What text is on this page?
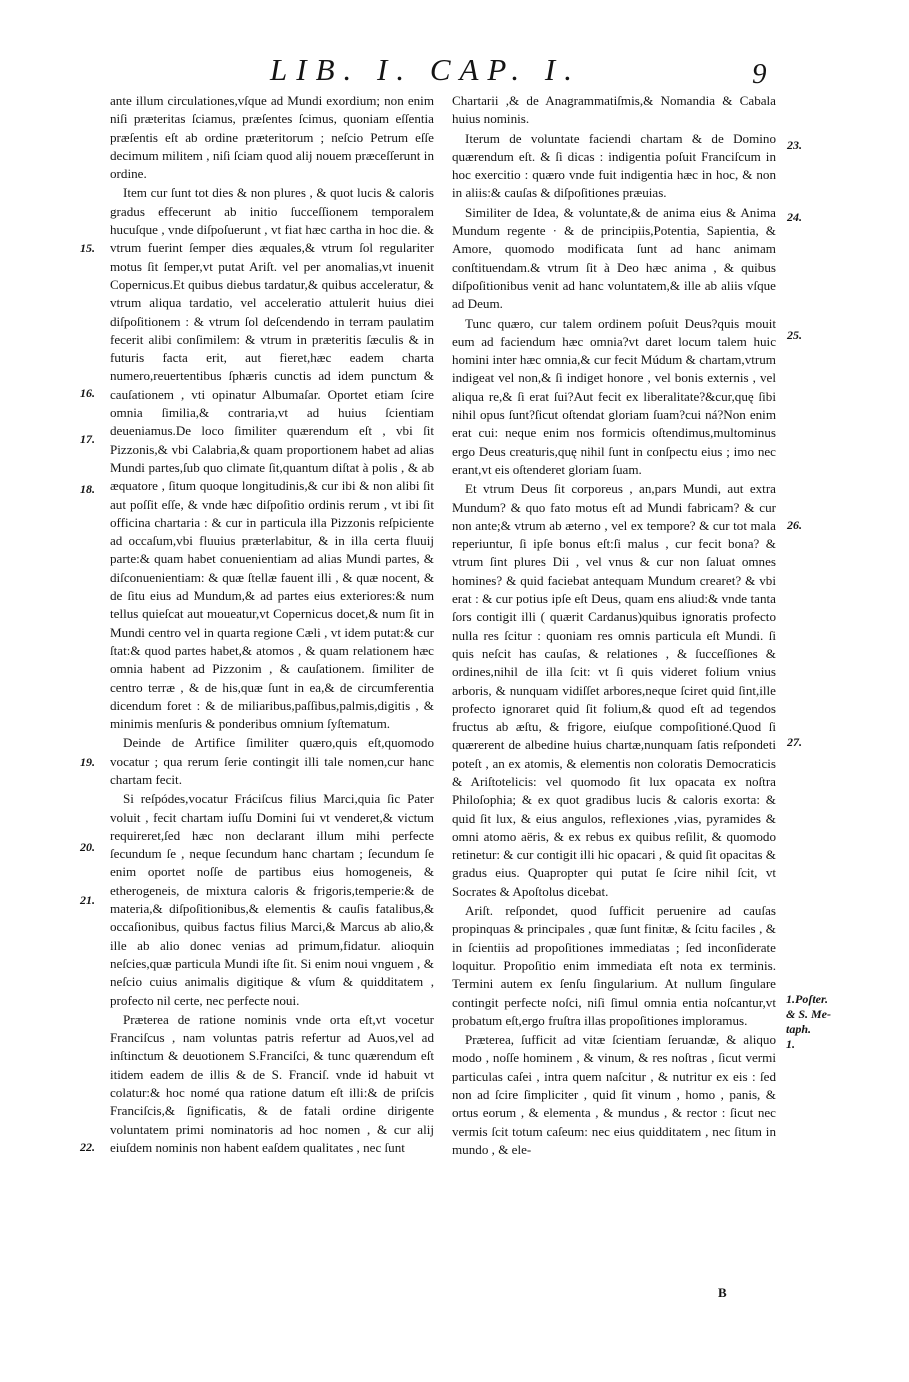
LIB. I. CAP. I.	9

ante illum circulationes,vſque ad Mundi exordium; non enim niſi præteritas ſciamus, præſentes ſcimus, quoniam eſſentia præſentis eſt ab ordine præteritorum ; neſcio Petrum eſſe decimum militem , niſi ſciam quod alij nouem præceſſerunt in ordine.

Item cur ſunt tot dies & non plures , & quot lucis & caloris gradus effecerunt ab initio ſucceſſionem temporalem hucuſque , vnde diſpoſuerunt , vt fiat hæc cartha in hoc die. & vtrum fuerint ſemper dies æquales,& vtrum ſol regulariter motus ſit ſemper,vt putat Ariſt. vel per anomalias,vt inuenit Copernicus.Et quibus diebus tardatur,& quibus acceleratur, & vtrum aliqua tardatio, vel acceleratio attulerit huius diei diſpoſitionem : & vtrum ſol deſcendendo in terram paulatim fecerit alibi conſimilem: & vtrum in præteritis ſæculis & in futuris facta erit, aut fieret,hæc eadem charta numero,reuertentibus ſphæris cunctis ad idem punctum & cauſationem , vti opinatur Albumaſar. Oportet etiam ſcire omnia ſimilia,& contraria,vt ad huius ſcientiam deueniamus.De loco ſimiliter quærendum eſt , vbi ſit Pizzonis,& vbi Calabria,& quam proportionem habet ad alias Mundi partes,ſub quo climate ſit,quantum diſtat à polis , & ab æquatore , ſitum quoque longitudinis,& cur ibi & non alibi ſit aut poſſit eſſe, & vnde hæc diſpoſitio ordinis rerum , vt ibi ſit officina chartaria : & cur in particula illa Pizzonis reſpiciente ad occaſum,vbi fluuius præterlabitur, & in illa certa fluuij parte:& quam habet conuenientiam ad alias Mundi partes, & diſconuenientiam: & quæ ſtellæ fauent illi , & quæ nocent, & de ſitu eius ad Mundum,& ad partes eius exteriores:& num tellus quieſcat aut moueatur,vt Copernicus docet,& num ſit in Mundi centro vel in quarta regione Cæli , vt idem putat:& cur ſtat:& quod partes habet,& atomos , & quam relationem hæc omnia habent ad Pizzonim , & cauſationem. ſimiliter de centro terræ , & de his,quæ ſunt in ea,& de circumferentia dicendum foret : & de miliaribus,paſſibus,palmis,digitis , & minimis menſuris & ponderibus omnium ſyſtematum.

Deinde de Artifice ſimiliter quæro,quis eſt,quomodo vocatur ; qua rerum ſerie contingit illi tale nomen,cur hanc chartam fecit.

Si reſpódes,vocatur Fráciſcus filius Marci,quia ſic Pater voluit , fecit chartam iuſſu Domini ſui vt venderet,& victum requireret,ſed hæc non declarant illum mihi perfecte ſecundum ſe , neque ſecundum hanc chartam ; ſecundum ſe enim oportet noſſe de partibus eius homogeneis, & etherogeneis, de mixtura caloris & frigoris,temperie:& de materia,& diſpoſitionibus,& elementis & cauſis fatalibus,& occaſionibus, quibus factus filius Marci,& Marcus ab alio,& ille ab alio donec venias ad primum,fidatur. alioquin neſcies,quæ particula Mundi iſte ſit. Si enim noui vnguem , & neſcio cuius animalis digitique & vſum & quidditatem , profecto nil certe, nec perfecte noui.

Præterea de ratione nominis vnde orta eſt,vt vocetur Franciſcus , nam voluntas patris refertur ad Auos,vel ad inſtinctum & deuotionem S.Franciſci, & tunc quærendum eſt itidem eadem de illis & de S. Franciſ. vnde id habuit vt colatur:& hoc nomé qua ratione datum eſt illi:& de priſcis Franciſcis,& ſignificatis, & de fatali ordine dirigente voluntatem primi nominatoris ad hoc nomen , & cur alij eiuſdem nominis non habent eaſdem qualitates , nec ſunt

15.
16.
17.
18.
19.
20.
21.
22.

Chartarii ,& de Anagrammatiſmis,& Nomandia & Cabala huius nominis.

Iterum de voluntate faciendi chartam & de Domino quærendum eſt. & ſi dicas : indigentia poſuit Franciſcum in hoc exercitio : quæro vnde fuit indigentia hæc in hoc, & non in aliis:& cauſas & diſpoſitiones præuias.

Similiter de Idea, & voluntate,& de anima eius & Anima Mundum regente · & de principiis,Potentia, Sapientia, & Amore, quomodo modificata ſunt ad hanc animam conſtituendam.& vtrum ſit à Deo hæc anima , & quibus diſpoſitionibus venit ad hanc voluntatem,& ille ab aliis vſque ad Deum.

Tunc quæro, cur talem ordinem poſuit Deus?quis mouit eum ad faciendum hæc omnia?vt daret locum talem huic homini inter hæc omnia,& cur fecit Múdum & chartam,vtrum indigeat vel non,& ſi indiget honore , vel bonis externis , vel aliqua re,& ſi erat ſui?Aut fecit ex liberalitate?&cur,quę ſibi nihil opus ſunt?ſicut oſtendat gloriam ſuam?cui ná?Non enim erat cui: neque enim nos formicis oſtendimus,multominus ergo Deus creaturis,quę nihil ſunt in conſpectu eius ; imo nec erant,vt eis oſtenderet gloriam ſuam.

Et vtrum Deus ſit corporeus , an,pars Mundi, aut extra Mundum? & quo fato motus eſt ad Mundi fabricam? & cur non ante;& vtrum ab æterno , vel ex tempore? & cur tot mala reperiuntur, ſi ipſe bonus eſt:ſi malus , cur fecit bona? & vtrum ſint plures Dii , vel vnus & cur non ſaluat omnes homines? & quid faciebat antequam Mundum crearet? & vbi erat : & cur potius ipſe eſt Deus, quam ens aliud:& vnde tanta ſors contigit illi ( quærit Cardanus)quibus ignoratis profecto nulla res ſcitur : quoniam res omnis particula eſt Mundi. ſi quis neſcit has cauſas, & relationes , & ſucceſſiones & ordines,nihil de illa ſcit: vt ſi quis videret folium vnius arboris, & nunquam vidiſſet arbores,neque ſciret quid ſint,ille profecto ignoraret quid ſit folium,& quod eſt ad tegendos fructus ab æſtu, & frigore, eiuſque compoſitioné.Quod ſi quærerent de albedine huius chartæ,nunquam ſatis reſpondeti poteſt , an ex atomis, & elementis non coloratis Democraticis & Ariſtotelicis: vel quomodo ſit lux opacata ex noſtra Philoſophia; & ex quot gradibus lucis & caloris exorta: & quid ſit lux, & eius angulos, reflexiones ,vias, pyramides & omni atomo aëris, & ex rebus ex quibus reſilit, & quomodo retinetur: & cur contigit illi hic opacari , & quid ſit opacitas & gradus eius. Quapropter qui putat ſe ſcire nihil ſcit, vt Socrates & Apoſtolus dicebat.

Ariſt. reſpondet, quod ſufficit peruenire ad cauſas propinquas & principales , quæ ſunt finitæ, & ſcitu faciles , & in ſcientiis ad propoſitiones immediatas ; ſed inconſiderate loquitur. Propoſitio enim immediata eſt nota ex terminis. Termini autem ex ſenſu ſingularium. At nullum ſingulare contingit perfecte noſci, niſi ſimul omnia entia noſcantur,vt probatum eſt,ergo fruſtra illas propoſitiones imploramus.

Præterea, ſufficit ad vitæ ſcientiam ſeruandæ, & aliquo modo , noſſe hominem , & vinum, & res noſtras , ſicut vermi particulas caſei , intra quem naſcitur , & nutritur ex eis : ſed non ad ſcire ſimpliciter , quid ſit vinum , homo , panis, & ortus eorum , & elementa , & mundus , & rector : ſicut nec vermis ſcit totum caſeum: nec eius quidditatem , nec ſitum in mundo , & ele-

23.
24.
25.
26.
27.
1.Poſter.
& S. Me-
taph.
1.
B
